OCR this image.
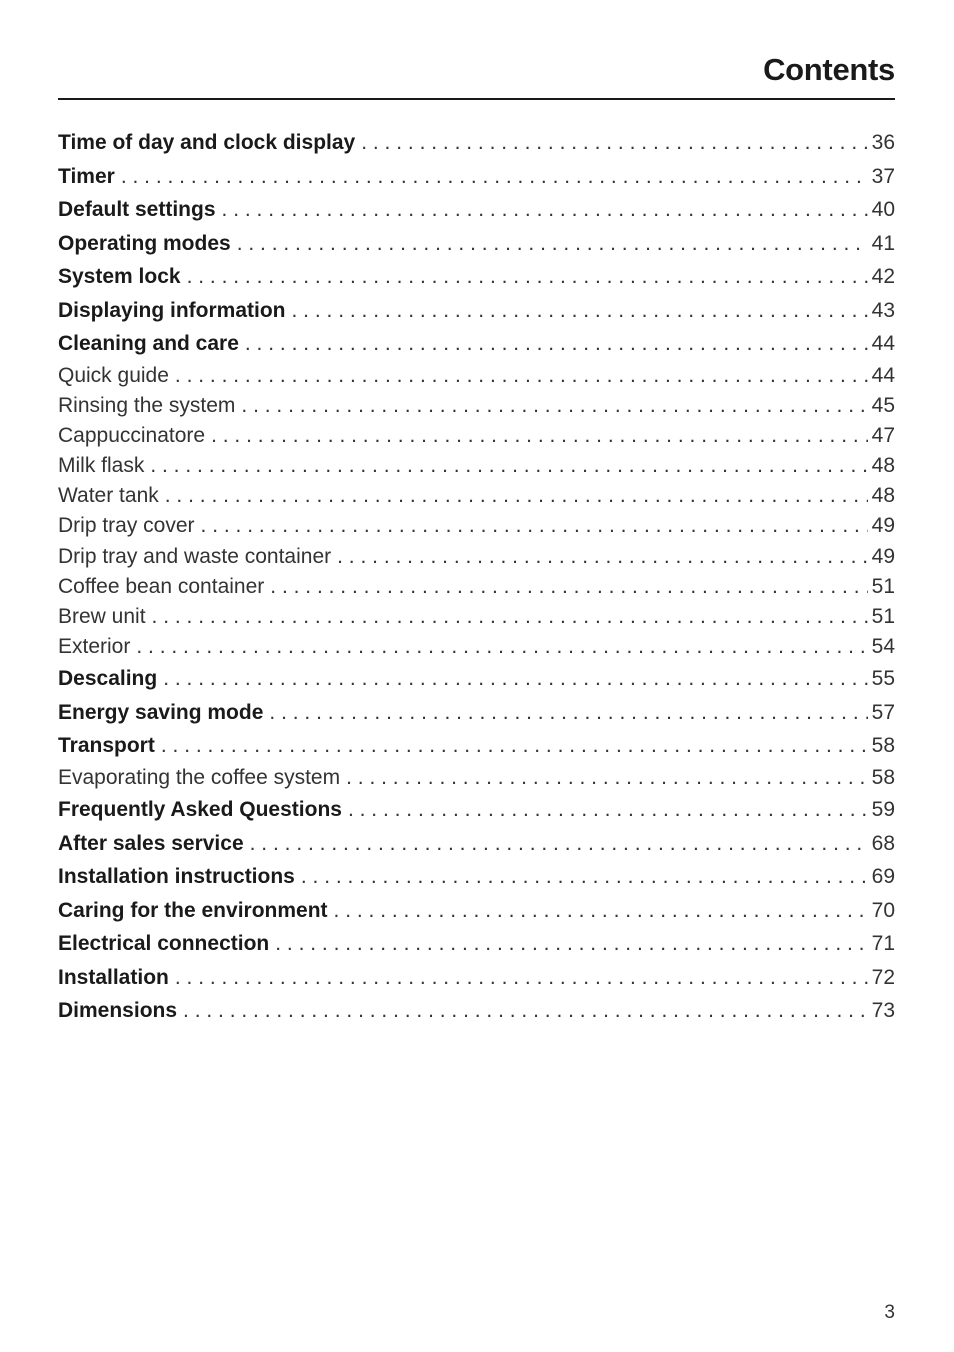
Contents
Time of day and clock display . . .	36
Timer . . .	37
Default settings . . .	40
Operating modes . . .	41
System lock . . .	42
Displaying information . . .	43
Cleaning and care . . .	44
Quick guide . . .	44
Rinsing the system . . .	45
Cappuccinatore . . .	47
Milk flask . . .	48
Water tank . . .	48
Drip tray cover . . .	49
Drip tray and waste container . . .	49
Coffee bean container . . .	51
Brew unit . . .	51
Exterior . . .	54
Descaling . . .	55
Energy saving mode . . .	57
Transport . . .	58
Evaporating the coffee system . . .	58
Frequently Asked Questions . . .	59
After sales service . . .	68
Installation instructions . . .	69
Caring for the environment . . .	70
Electrical connection . . .	71
Installation . . .	72
Dimensions . . .	73
3
